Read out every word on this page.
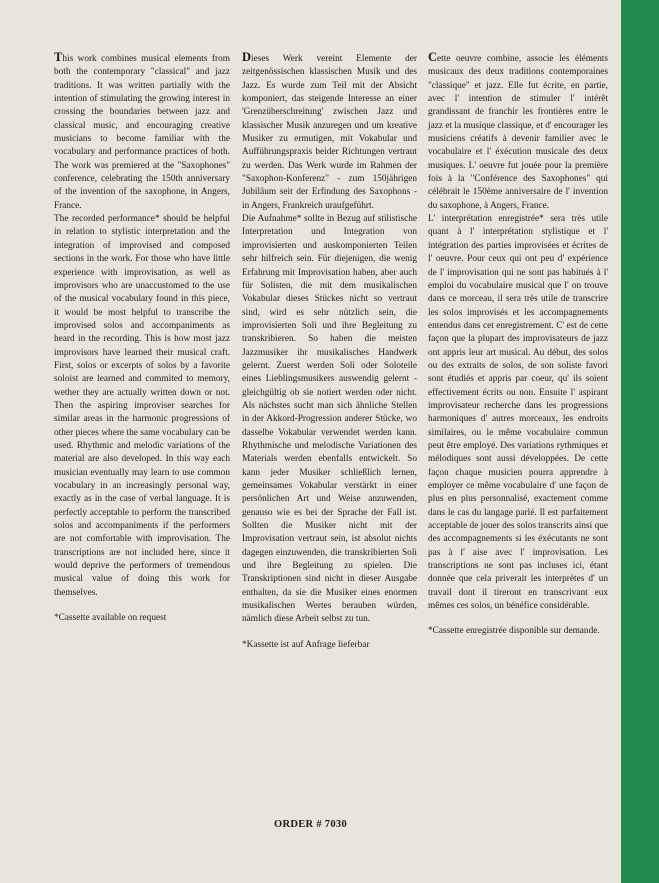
This work combines musical elements from both the contemporary "classical" and jazz traditions. It was written partially with the intention of stimulating the growing interest in crossing the boundaries between jazz and classical music, and encouraging creative musicians to become familiar with the vocabulary and performance practices of both. The work was premiered at the "Saxophones" conference, celebrating the 150th anniversary of the invention of the saxophone, in Angers, France.

The recorded performance* should be helpful in relation to stylistic interpretation and the integration of improvised and composed sections in the work. For those who have little experience with improvisation, as well as improvisors who are unaccustomed to the use of the musical vocabulary found in this piece, it would be most helpful to transcribe the improvised solos and accompaniments as heard in the recording. This is how most jazz improvisors have learned their musical craft. First, solos or excerpts of solos by a favorite soloist are learned and commited to memory, wether they are actually written down or not. Then the aspiring improviser searches for similar areas in the harmonic progressions of other pieces where the same vocabulary can be used. Rhythmic and melodic variations of the material are also developed. In this way each musician eventually may learn to use common vocabulary in an increasingly personal way, exactly as in the case of verbal language. It is perfectly acceptable to perform the transcribed solos and accompaniments if the performers are not comfortable with improvisation. The transcriptions are not included here, since it would deprive the performers of tremendous musical value of doing this work for themselves.

*Cassette available on request

Dieses Werk vereint Elemente der zeitgenössischen klassischen Musik und des Jazz. Es wurde zum Teil mit der Absicht komponiert, das steigende Interesse an einer 'Grenzüberschreitung' zwischen Jazz und klassischer Musik anzuregen und um kreative Musiker zu ermutigen, mit Vokabular und Aufführungspraxis beider Richtungen vertraut zu werden. Das Werk wurde im Rahmen der "Saxophon-Konferenz" - zum 150jährigen Jubiläum seit der Erfindung des Saxophons - in Angers, Frankreich uraufgeführt.

Die Aufnahme* sollte in Bezug auf stilistische Interpretation und Integration von improvisierten und auskomponierten Teilen sehr hilfreich sein. Für diejenigen, die wenig Erfahrung mit Improvisation haben, aber auch für Solisten, die mit dem musikalischen Vokabular dieses Stückes nicht so vertraut sind, wird es sehr nützlich sein, die improvisierten Soli und ihre Begleitung zu transkribieren. So haben die meisten Jazzmusiker ihr musikalisches Handwerk gelernt. Zuerst werden Soli oder Soloteile eines Lieblingsmusikers auswendig gelernt - gleichgültig ob sie notiert werden oder nicht. Als nächstes sucht man sich ähnliche Stellen in der Akkord-Progression anderer Stücke, wo dasselbe Vokabular verwendet werden kann. Rhythmische und melodische Variationen des Materials werden ebenfalls entwickelt. So kann jeder Musiker schließlich lernen, gemeinsames Vokabular verstärkt in einer persönlichen Art und Weise anzuwenden, genauso wie es bei der Sprache der Fall ist. Sollten die Musiker nicht mit der Improvisation vertraut sein, ist absolut nichts dagegen einzuwenden, die transkribierten Soli und ihre Begleitung zu spielen. Die Transkriptionen sind nicht in dieser Ausgabe enthalten, da sie die Musiker eines enormen musikalischen Wertes berauben würden, nämlich diese Arbeit selbst zu tun.

*Kassette ist auf Anfrage lieferbar

Cette oeuvre combine, associe les éléments musicaux des deux traditions contemporaines "classique" et jazz. Elle fut écrite, en partie, avec l' intention de stimuler l' intérêt grandissant de franchir les frontières entre le jazz et la musique classique, et d' encourager les musiciens créatifs à devenir familier avec le vocabulaire et l' éxécution musicale des deux musiques. L' oeuvre fut jouée pour la première fois à la "Conférence des Saxophones" qui célébrait le 150ème anniversaire de l' invention du saxophone, à Angers, France.

L' interprétation enregistrée* sera très utile quant à l' interprétation stylistique et l' intégration des parties improvisées et écrites de l' oeuvre. Pour ceux qui ont peu d' expérience de l' improvisation qui ne sont pas habitués à l' emploi du vocabulaire musical que l' on trouve dans ce morceau, il sera très utile de transcrire les solos improvisés et les accompagnements entendus dans cet enregistrement. C' est de cette façon que la plupart des improvisateurs de jazz ont appris leur art musical. Au début, des solos ou des extraits de solos, de son soliste favori sont étudiés et appris par coeur, qu' ils soient effectivement écrits ou non. Ensuite l' aspirant improvisateur recherche dans les progressions harmoniques d' autres morceaux, les endroits similaires, ou le même vocabulaire commun peut être employé. Des variations rythmiques et mélodiques sont aussi développées. De cette façon chaque musicien pourra apprendre à employer ce même vocabulaire d' une façon de plus en plus personnalisé, exactement comme dans le cas du langage parlé. Il est parfaitement acceptable de jouer des solos transcrits ainsi que des accompagnements si les éxécutants ne sont pas à l' aise avec l' improvisation. Les transcriptions ne sont pas incluses ici, étant donnée que cela priverait les interprètes d' un travail dont il tireront en transcrivant eux mêmes ces solos, un bénéfice considérable.

*Cassette enregistrée disponible sur demande.

ORDER # 7030
